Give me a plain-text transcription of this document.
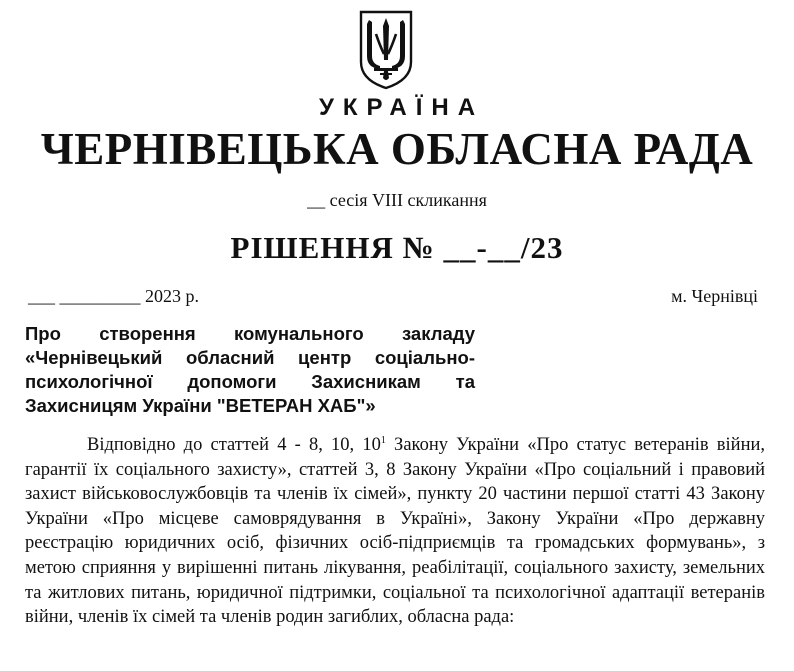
УКРАЇНА
ЧЕРНІВЕЦЬКА ОБЛАСНА РАДА
__ сесія VIII скликання
РІШЕННЯ № __-__/23
___ _________ 2023 р.	м. Чернівці
Про створення комунального закладу «Чернівецький обласний центр соціально-психологічної допомоги Захисникам та Захисницям України "ВЕТЕРАН ХАБ"»

Відповідно до статтей 4 - 8, 10, $10^1$ Закону України «Про статус ветеранів війни, гарантії їх соціального захисту», статтей 3, 8 Закону України «Про соціальний і правовий захист військовослужбовців та членів їх сімей», пункту 20 частини першої статті 43 Закону України «Про місцеве самоврядування в Україні», Закону України «Про державну реєстрацію юридичних осіб, фізичних осіб-підприємців та громадських формувань», з метою сприяння у вирішенні питань лікування, реабілітації, соціального захисту, земельних та житлових питань, юридичної підтримки, соціальної та психологічної адаптації ветеранів війни, членів їх сімей та членів родин загиблих, обласна рада:
